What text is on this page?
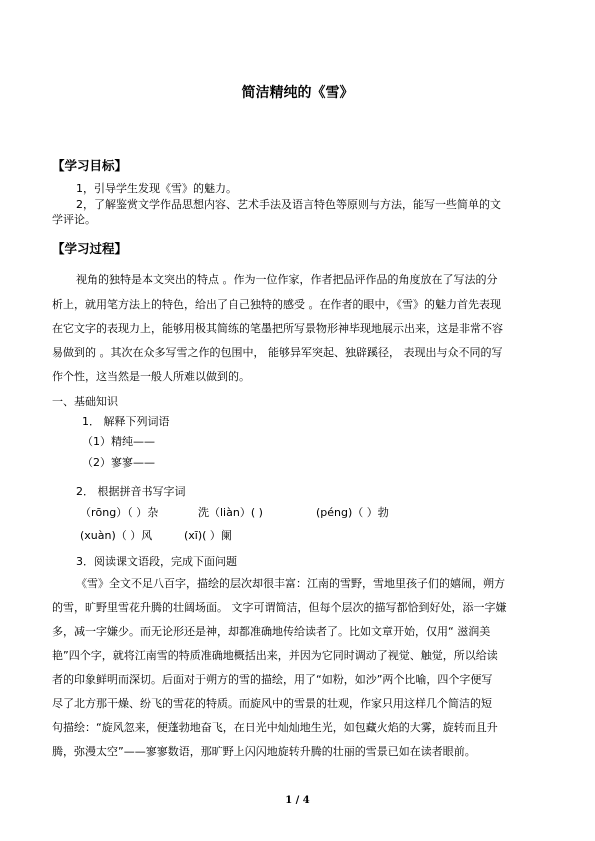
简洁精纯的《雪》
【学习目标】
1，引导学生发现《雪》的魅力。
2，了解鉴赏文学作品思想内容、艺术手法及语言特色等原则与方法，能写一些简单的文
学评论。
【学习过程】
视角的独特是本文突出的特点 。作为一位作家，作者把品评作品的角度放在了写法的分
析上，就用笔方法上的特色，给出了自己独特的感受 。在作者的眼中，《雪》的魅力首先表现
在它文字的表现力上，能够用极其简练的笔墨把所写景物形神毕现地展示出来，这是非常不容
易做到的 。其次在众多写雪之作的包围中， 能够异军突起、独辟蹊径， 表现出与众不同的写
作个性，这当然是一般人所难以做到的。
一、基础知识
1． 解释下列词语
（1）精纯——
（2）寥寥——
2． 根据拼音书写字词
（rōng）（ ）杂	洗（liàn）( )	(péng)（ ）勃
(xuàn)（ ）风	(xī)( ）阑
3．阅读课文语段，完成下面问题
《雪》全文不足八百字，描绘的层次却很丰富：江南的雪野，雪地里孩子们的嬉闹，朔方
的雪，旷野里雪花升腾的壮阔场面。 文字可谓简洁，但每个层次的描写都恰到好处，添一字嫌
多，减一字嫌少。而无论形还是神，却都准确地传给读者了。比如文章开始，仅用“ 滋润美
艳”四个字，就将江南雪的特质准确地概括出来，并因为它同时调动了视觉、触觉，所以给读
者的印象鲜明而深切。后面对于朔方的雪的描绘，用了“如粉，如沙”两个比喻，四个字便写
尽了北方那干燥、纷飞的雪花的特质。而旋风中的雪景的壮观，作家只用这样几个简洁的短
句描绘：“旋风忽来，便蓬勃地奋飞，在日光中灿灿地生光，如包藏火焰的大雾，旋转而且升
腾，弥漫太空”——寥寥数语，那旷野上闪闪地旋转升腾的壮丽的雪景已如在读者眼前。
1 / 4
